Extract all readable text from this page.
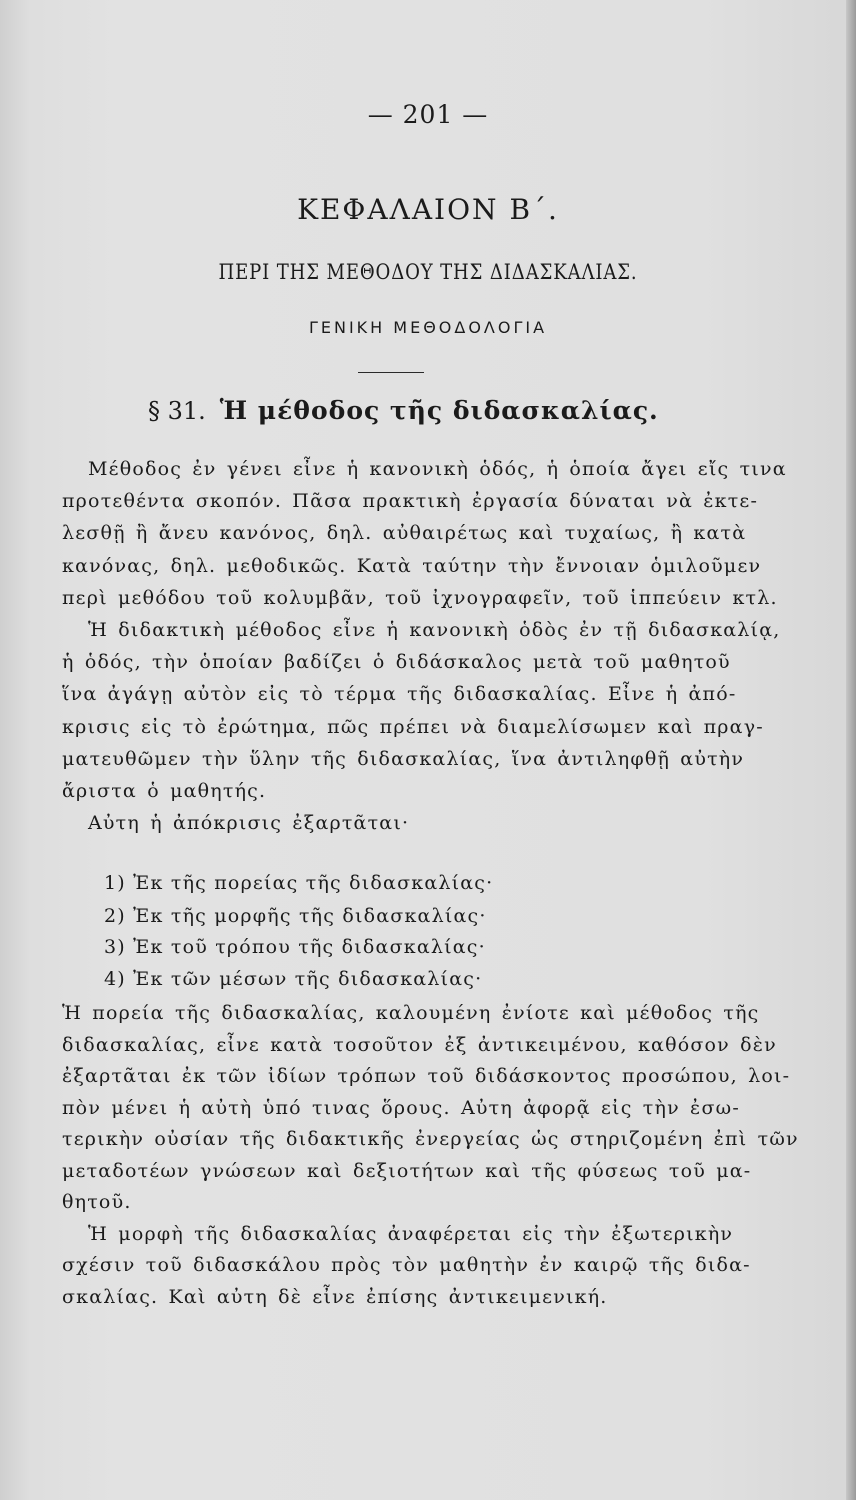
— 201 —
ΚΕΦΑΛΑΙΟΝ Β΄.
ΠΕΡΙ ΤΗΣ ΜΕΘΟΔΟΥ ΤΗΣ ΔΙΔΑΣΚΑΛΙΑΣ.
ΓΕΝΙΚΗ ΜΕΘΟΔΟΛΟΓΙΑ
§ 31. Ἡ μέθοδος τῆς διδασκαλίας.
Μέθοδος ἐν γένει εἶνε ἡ κανονικὴ ὁδός, ἡ ὁποία ἄγει εἴς τινα
προτεθέντα σκοπόν. Πᾶσα πρακτικὴ ἐργασία δύναται νὰ ἐκτε-
λεσθῇ ἢ ἄνευ κανόνος, δηλ. αὐθαιρέτως καὶ τυχαίως, ἢ κατὰ
κανόνας, δηλ. μεθοδικῶς. Κατὰ ταύτην τὴν ἔννοιαν ὁμιλοῦμεν
περὶ μεθόδου τοῦ κολυμβᾶν, τοῦ ἰχνογραφεῖν, τοῦ ἱππεύειν κτλ.
Ἡ διδακτικὴ μέθοδος εἶνε ἡ κανονικὴ ὁδὸς ἐν τῇ διδασκαλίᾳ,
ἡ ὁδός, τὴν ὁποίαν βαδίζει ὁ διδάσκαλος μετὰ τοῦ μαθητοῦ
ἵνα ἀγάγῃ αὐτὸν εἰς τὸ τέρμα τῆς διδασκαλίας. Εἶνε ἡ ἀπό-
κρισις εἰς τὸ ἐρώτημα, πῶς πρέπει νὰ διαμελίσωμεν καὶ πραγ-
ματευθῶμεν τὴν ὕλην τῆς διδασκαλίας, ἵνα ἀντιληφθῇ αὐτὴν
ἄριστα ὁ μαθητής.
Αὐτη ἡ ἀπόκρισις ἐξαρτᾶται·
1) Ἐκ τῆς πορείας τῆς διδασκαλίας·
2) Ἐκ τῆς μορφῆς τῆς διδασκαλίας·
3) Ἐκ τοῦ τρόπου τῆς διδασκαλίας·
4) Ἐκ τῶν μέσων τῆς διδασκαλίας·
Ἡ πορεία τῆς διδασκαλίας, καλουμένη ἐνίοτε καὶ μέθοδος τῆς
διδασκαλίας, εἶνε κατὰ τοσοῦτον ἐξ ἀντικειμένου, καθόσον δὲν
ἐξαρτᾶται ἐκ τῶν ἰδίων τρόπων τοῦ διδάσκοντος προσώπου, λοι-
πὸν μένει ἡ αὐτὴ ὑπό τινας ὅρους. Αὐτη ἀφορᾷ εἰς τὴν ἐσω-
τερικὴν οὐσίαν τῆς διδακτικῆς ἐνεργείας ὡς στηριζομένη ἐπὶ τῶν
μεταδοτέων γνώσεων καὶ δεξιοτήτων καὶ τῆς φύσεως τοῦ μα-
θητοῦ.
Ἡ μορφὴ τῆς διδασκαλίας ἀναφέρεται εἰς τὴν ἐξωτερικὴν
σχέσιν τοῦ διδασκάλου πρὸς τὸν μαθητὴν ἐν καιρῷ τῆς διδα-
σκαλίας. Καὶ αὐτη δὲ εἶνε ἐπίσης ἀντικειμενική.
